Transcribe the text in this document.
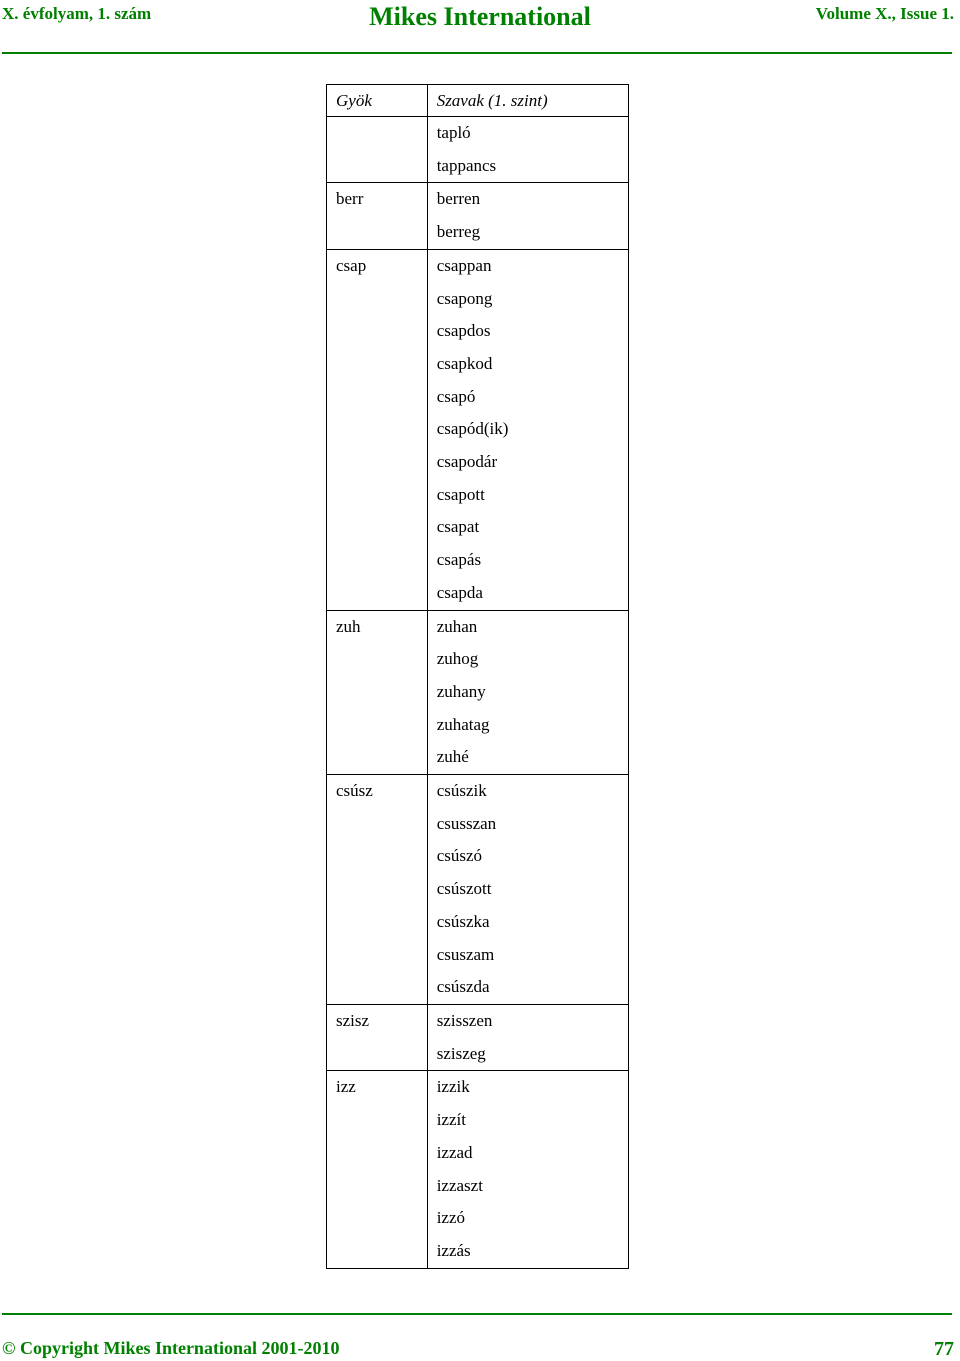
X. évfolyam, 1. szám	Mikes International	Volume X., Issue 1.
Gyök	Szavak (1. szint)
	tapló
	tappancs
berr	berren
	berreg
csap	csappan
	csapong
	csapdos
	csapkod
	csapó
	csapód(ik)
	csapodár
	csapott
	csapat
	csapás
	csapda
zuh	zuhan
	zuhog
	zuhany
	zuhatag
	zuhé
csúsz	csúszik
	csusszan
	csúszó
	csúszott
	csúszka
	csuszam
	csúszda
szisz	szisszen
	sziszeg
izz	izzik
	izzít
	izzad
	izzaszt
	izzó
	izzás
© Copyright Mikes International 2001-2010	77
